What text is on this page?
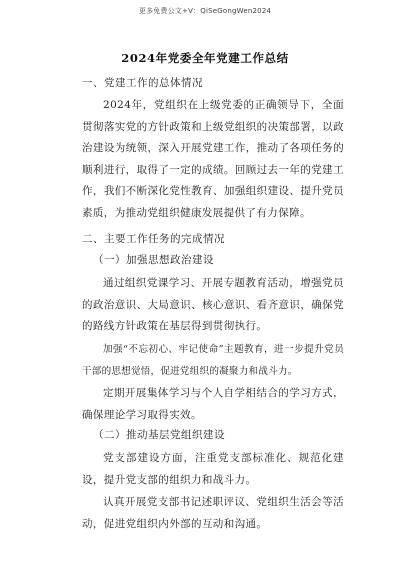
更多免费公文+V：QiSeGongWen2024
2024年党委全年党建工作总结
一、党建工作的总体情况
2024年，党组织在上级党委的正确领导下，全面贯彻落实党的方针政策和上级党组织的决策部署，以政治建设为统领，深入开展党建工作，推动了各项任务的顺利进行，取得了一定的成绩。回顾过去一年的党建工作，我们不断深化党性教育、加强组织建设、提升党员素质，为推动党组织健康发展提供了有力保障。
二、主要工作任务的完成情况
（一）加强思想政治建设
通过组织党课学习、开展专题教育活动，增强党员的政治意识、大局意识、核心意识、看齐意识，确保党的路线方针政策在基层得到贯彻执行。
加强“不忘初心、牢记使命”主题教育，进一步提升党员干部的思想觉悟，促进党组织的凝聚力和战斗力。
定期开展集体学习与个人自学相结合的学习方式，确保理论学习取得实效。
（二）推动基层党组织建设
党支部建设方面，注重党支部标准化、规范化建设，提升党支部的组织力和战斗力。
认真开展党支部书记述职评议、党组织生活会等活动，促进党组织内外部的互动和沟通。
